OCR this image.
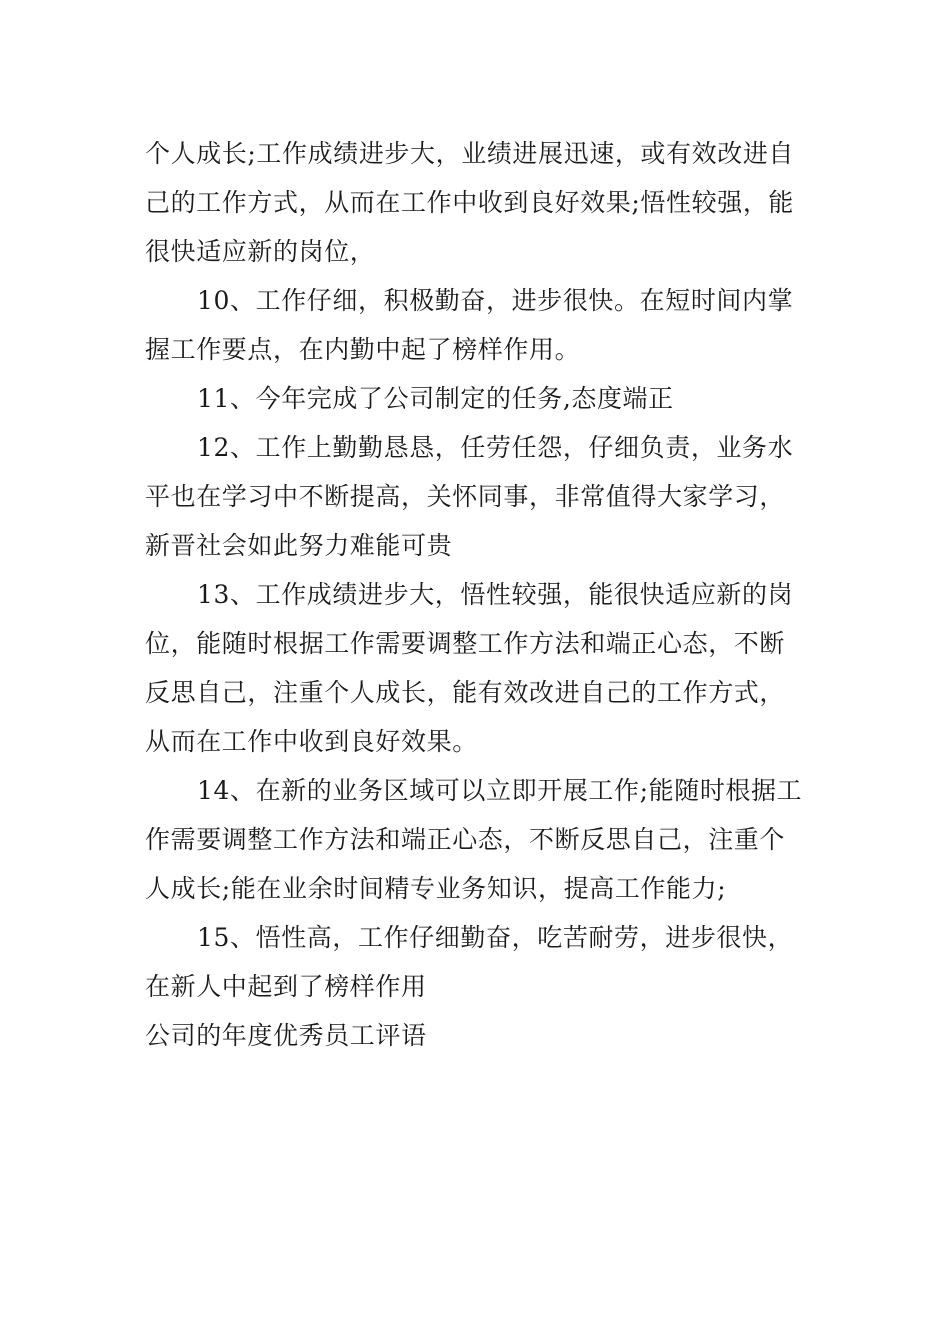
个人成长;工作成绩进步大，业绩进展迅速，或有效改进自
己的工作方式，从而在工作中收到良好效果;悟性较强，能
很快适应新的岗位，
10、工作仔细，积极勤奋，进步很快。在短时间内掌
握工作要点，在内勤中起了榜样作用。
11、今年完成了公司制定的任务,态度端正
12、工作上勤勤恳恳，任劳任怨，仔细负责，业务水
平也在学习中不断提高，关怀同事，非常值得大家学习，
新晋社会如此努力难能可贵
13、工作成绩进步大，悟性较强，能很快适应新的岗
位，能随时根据工作需要调整工作方法和端正心态，不断
反思自己，注重个人成长，能有效改进自己的工作方式，
从而在工作中收到良好效果。
14、在新的业务区域可以立即开展工作;能随时根据工
作需要调整工作方法和端正心态，不断反思自己，注重个
人成长;能在业余时间精专业务知识，提高工作能力;
15、悟性高，工作仔细勤奋，吃苦耐劳，进步很快，
在新人中起到了榜样作用
公司的年度优秀员工评语
